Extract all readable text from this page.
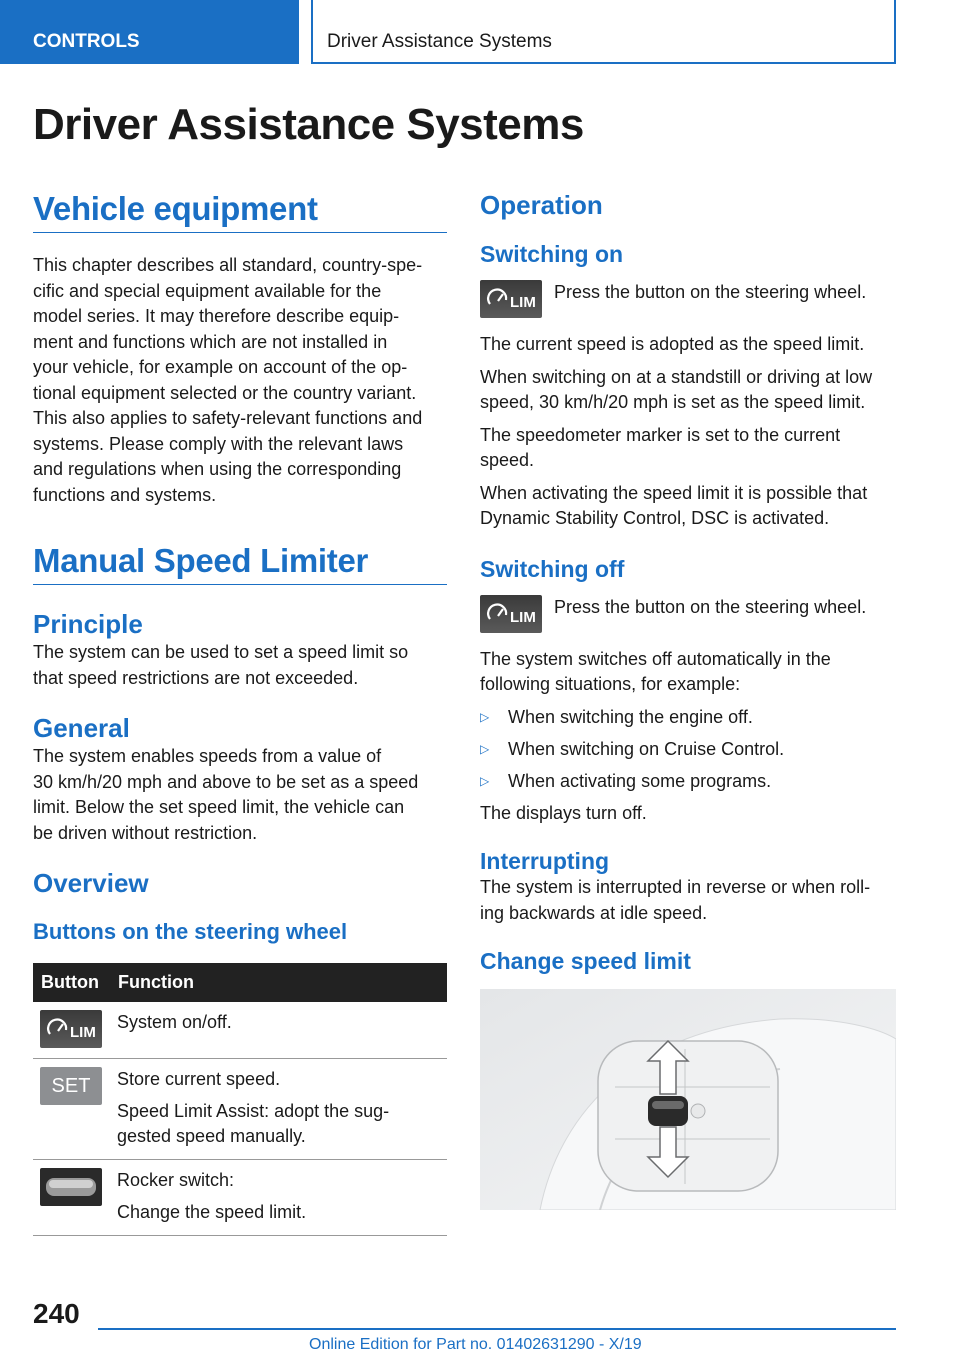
CONTROLS	Driver Assistance Systems
Driver Assistance Systems
Vehicle equipment

This chapter describes all standard, country-spe-

cific and special equipment available for the

model series. It may therefore describe equip-

ment and functions which are not installed in

your vehicle, for example on account of the op-

tional equipment selected or the country variant.

This also applies to safety-relevant functions and

systems. Please comply with the relevant laws

and regulations when using the corresponding

functions and systems.

Manual Speed Limiter
Principle

The system can be used to set a speed limit so

that speed restrictions are not exceeded.

General

The system enables speeds from a value of

30 km/h/20 mph and above to be set as a speed

limit. Below the set speed limit, the vehicle can

be driven without restriction.

Overview
Buttons on the steering wheel
Button	Function

LIM	System on/off.

SET	Store current speed.
Speed Limit Assist: adopt the sug-
gested speed manually.

Rocker switch:
Change the speed limit.
Operation
Switching on
LIM

Press the button on the steering wheel.

The current speed is adopted as the speed limit.

When switching on at a standstill or driving at low

speed, 30 km/h/20 mph is set as the speed limit.

The speedometer marker is set to the current

speed.

When activating the speed limit it is possible that

Dynamic Stability Control, DSC is activated.

Switching off
LIM

Press the button on the steering wheel.

The system switches off automatically in the

following situations, for example:

▷	When switching the engine off.
▷	When switching on Cruise Control.
▷	When activating some programs.

The displays turn off.

Interrupting

The system is interrupted in reverse or when roll-

ing backwards at idle speed.

Change speed limit
240
Online Edition for Part no. 01402631290 - X/19
